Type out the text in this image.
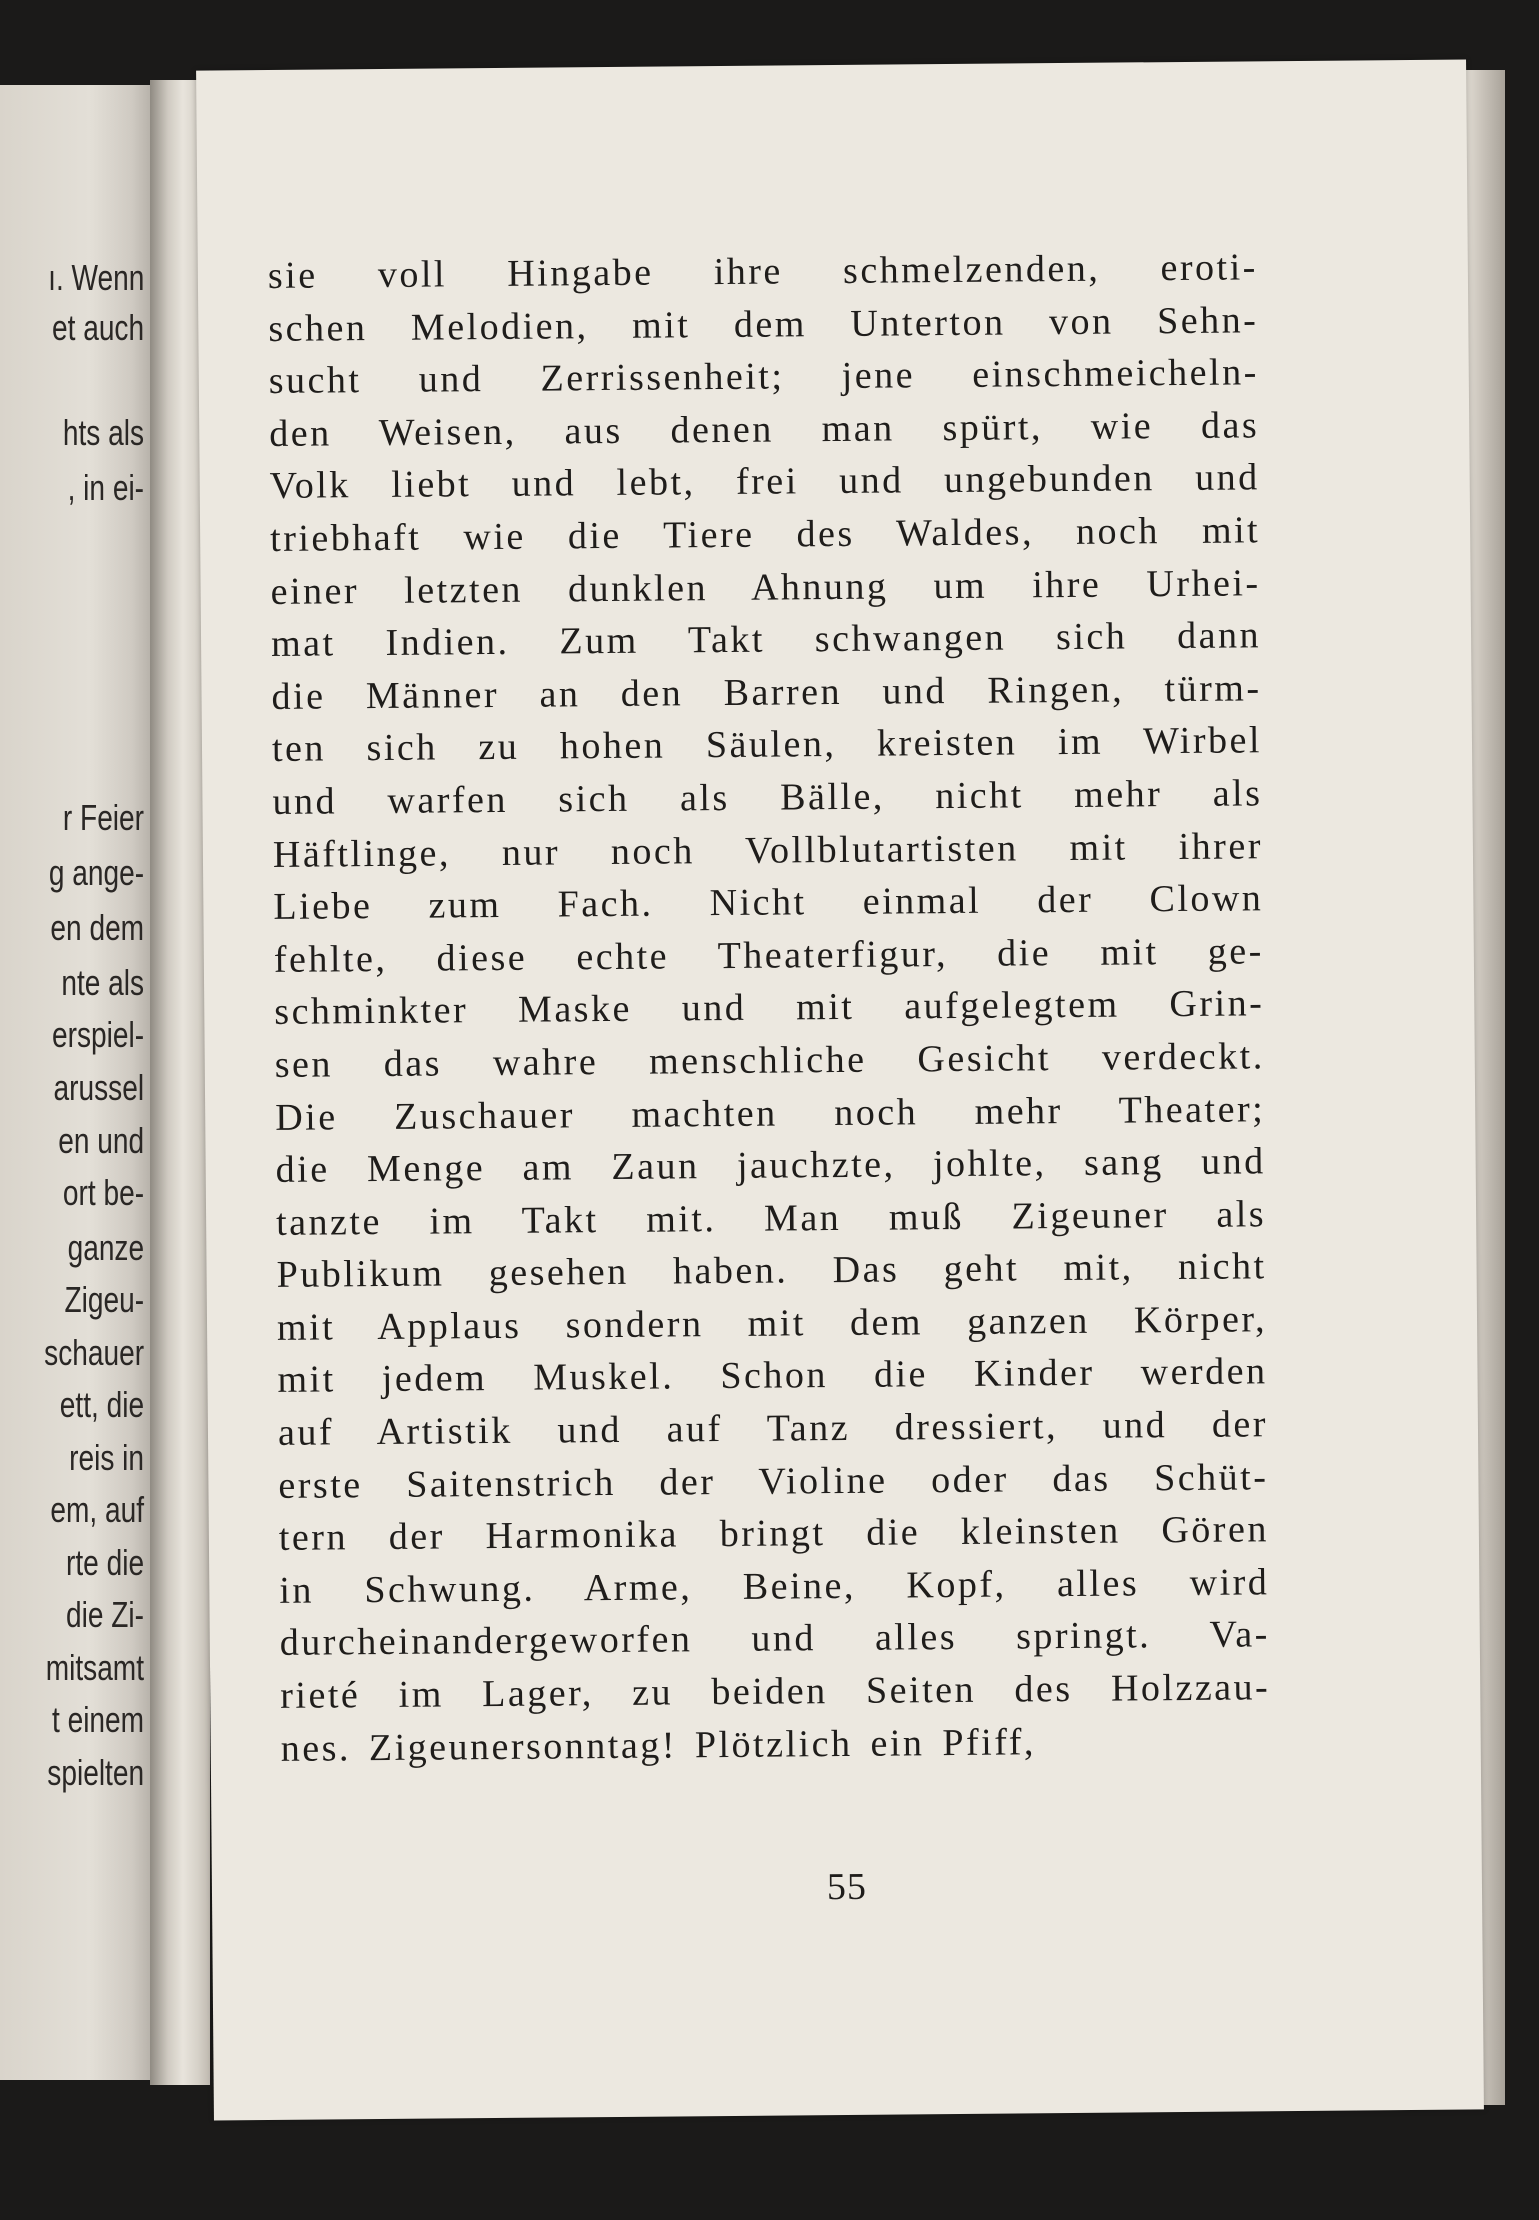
ı. Wenn

et auch

hts als

, in ei-

r Feier

g ange-

en dem

nte als

erspiel-

arussel

en und

ort be-

ganze

Zigeu-

schauer

ett, die

reis in

em, auf

rte die

die Zi-

mitsamt

t einem

spielten

sie voll Hingabe ihre schmelzenden, eroti-
schen Melodien, mit dem Unterton von Sehn-
sucht und Zerrissenheit; jene einschmeicheln-
den Weisen, aus denen man spürt, wie das
Volk liebt und lebt, frei und ungebunden und
triebhaft wie die Tiere des Waldes, noch mit
einer letzten dunklen Ahnung um ihre Urhei-
mat Indien. Zum Takt schwangen sich dann
die Männer an den Barren und Ringen, türm-
ten sich zu hohen Säulen, kreisten im Wirbel
und warfen sich als Bälle, nicht mehr als
Häftlinge, nur noch Vollblutartisten mit ihrer
Liebe zum Fach. Nicht einmal der Clown
fehlte, diese echte Theaterfigur, die mit ge-
schminkter Maske und mit aufgelegtem Grin-
sen das wahre menschliche Gesicht verdeckt.
Die Zuschauer machten noch mehr Theater;
die Menge am Zaun jauchzte, johlte, sang und
tanzte im Takt mit. Man muß Zigeuner als
Publikum gesehen haben. Das geht mit, nicht
mit Applaus sondern mit dem ganzen Körper,
mit jedem Muskel. Schon die Kinder werden
auf Artistik und auf Tanz dressiert, und der
erste Saitenstrich der Violine oder das Schüt-
tern der Harmonika bringt die kleinsten Gören
in Schwung. Arme, Beine, Kopf, alles wird
durcheinandergeworfen und alles springt. Va-
rieté im Lager, zu beiden Seiten des Holzzau-
nes. Zigeunersonntag! Plötzlich ein Pfiff,

55
